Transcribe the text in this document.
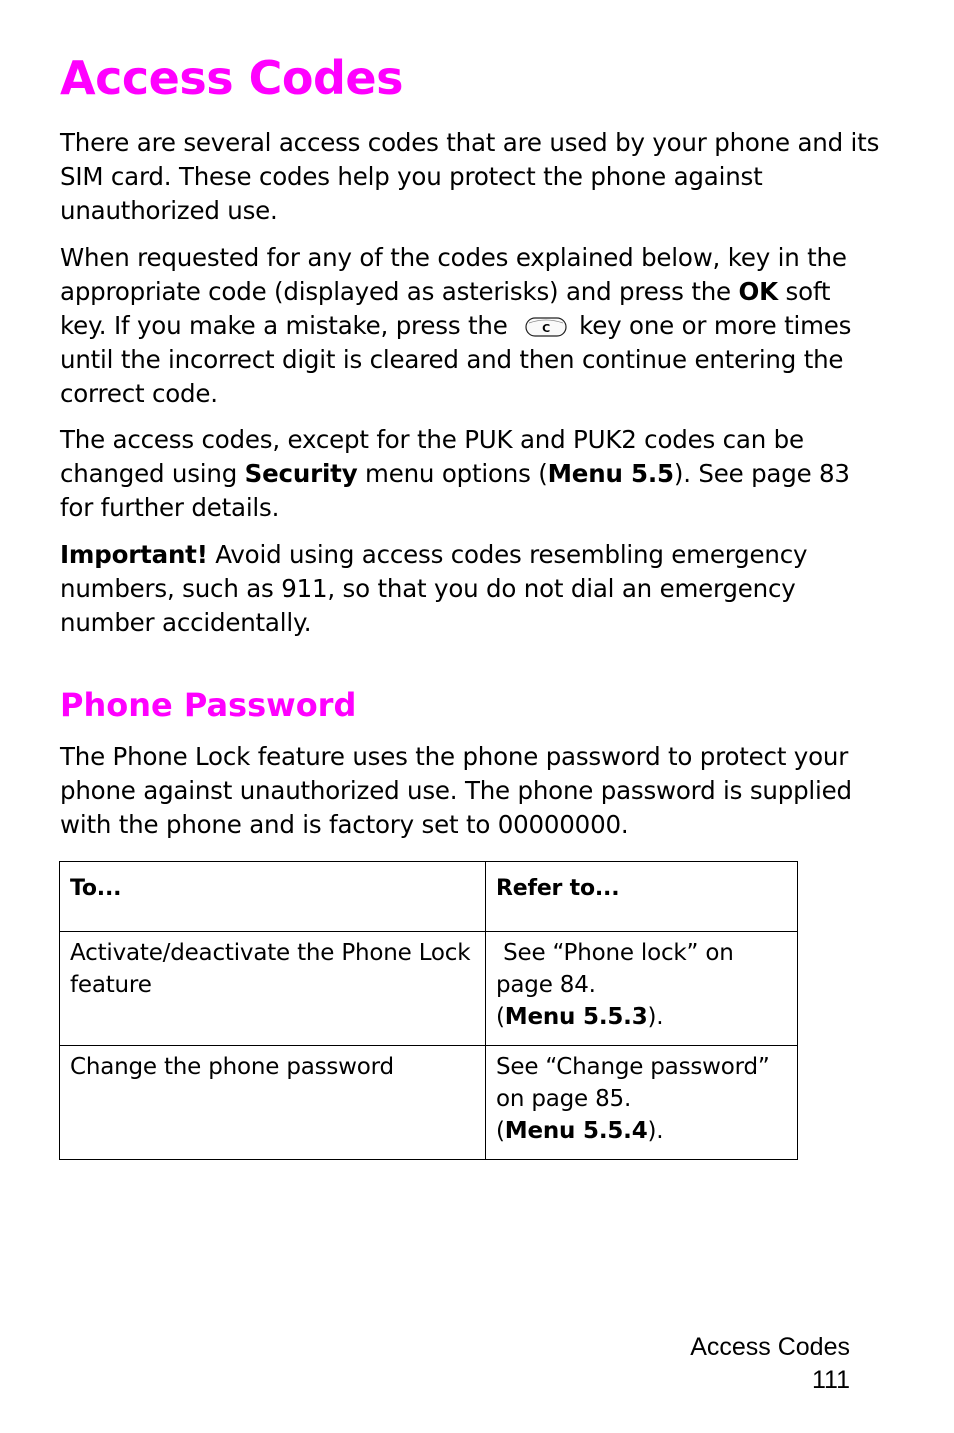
Access Codes

There are several access codes that are used by your phone and its SIM card. These codes help you protect the phone against unauthorized use.

When requested for any of the codes explained below, key in the appropriate code (displayed as asterisks) and press the OK soft key. If you make a mistake, press the C key one or more times until the incorrect digit is cleared and then continue entering the correct code.

The access codes, except for the PUK and PUK2 codes can be changed using Security menu options (Menu 5.5). See page 83 for further details.

Important! Avoid using access codes resembling emergency numbers, such as 911, so that you do not dial an emergency number accidentally.

Phone Password

The Phone Lock feature uses the phone password to protect your phone against unauthorized use. The phone password is supplied with the phone and is factory set to 00000000.

To...	Refer to...
Activate/deactivate the Phone Lock feature	See “Phone lock” on page 84.
(Menu 5.5.3).
Change the phone password	See “Change password” on page 85.
(Menu 5.5.4).
Access Codes
111
